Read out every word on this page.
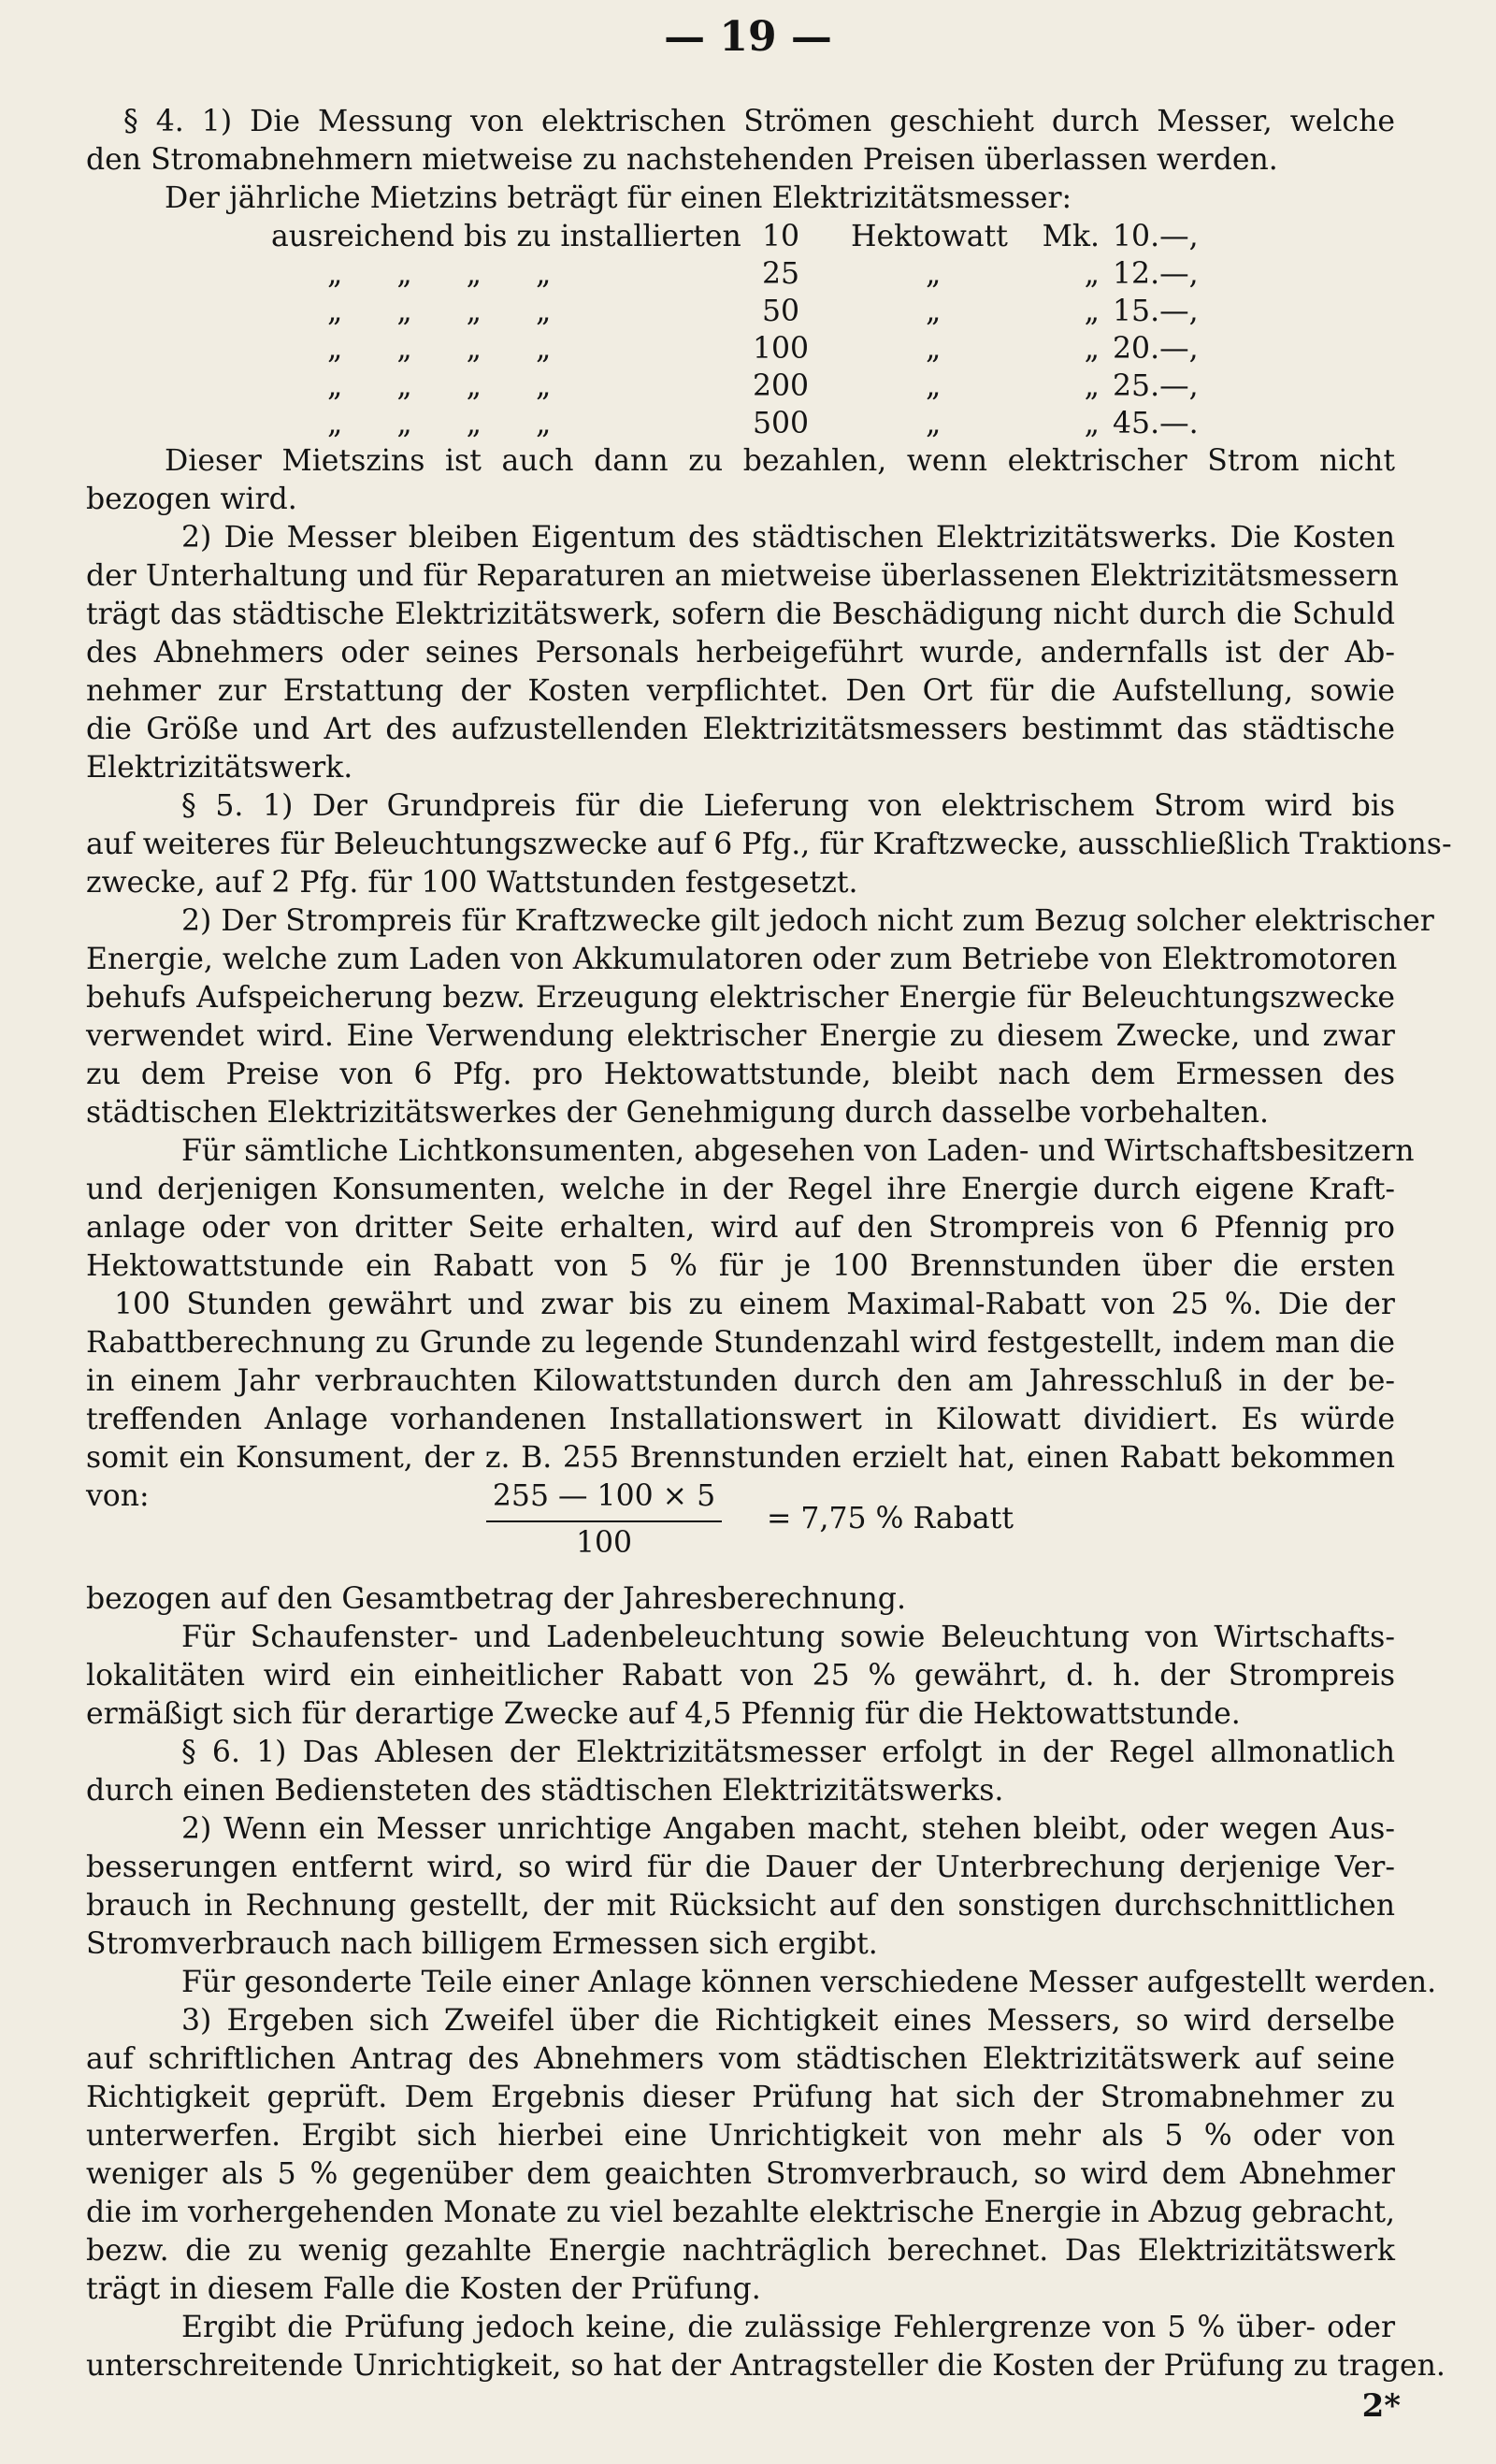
— 19 —
§ 4. 1) Die Messung von elektrischen Strömen geschieht durch Messer, welche
den Stromabnehmern mietweise zu nachstehenden Preisen überlassen werden.
Der jährliche Mietzins beträgt für einen Elektrizitätsmesser:
ausreichend bis zu installierten 10	Hektowatt	Mk. 10.—,
„ „ „ „	25	„	„ 12.—,
„ „ „ „	50	„	„ 15.—,
„ „ „ „	100	„	„ 20.—,
„ „ „ „	200	„	„ 25.—,
„ „ „ „	500	„	„ 45.—.
Dieser Mietszins ist auch dann zu bezahlen, wenn elektrischer Strom nicht
bezogen wird.
2) Die Messer bleiben Eigentum des städtischen Elektrizitätswerks. Die Kosten
der Unterhaltung und für Reparaturen an mietweise überlassenen Elektrizitätsmessern
trägt das städtische Elektrizitätswerk, sofern die Beschädigung nicht durch die Schuld
des Abnehmers oder seines Personals herbeigeführt wurde, andernfalls ist der Ab-
nehmer zur Erstattung der Kosten verpflichtet. Den Ort für die Aufstellung, sowie
die Größe und Art des aufzustellenden Elektrizitätsmessers bestimmt das städtische
Elektrizitätswerk.
§ 5. 1) Der Grundpreis für die Lieferung von elektrischem Strom wird bis
auf weiteres für Beleuchtungszwecke auf 6 Pfg., für Kraftzwecke, ausschließlich Traktions-
zwecke, auf 2 Pfg. für 100 Wattstunden festgesetzt.
2) Der Strompreis für Kraftzwecke gilt jedoch nicht zum Bezug solcher elektrischer
Energie, welche zum Laden von Akkumulatoren oder zum Betriebe von Elektromotoren
behufs Aufspeicherung bezw. Erzeugung elektrischer Energie für Beleuchtungszwecke
verwendet wird. Eine Verwendung elektrischer Energie zu diesem Zwecke, und zwar
zu dem Preise von 6 Pfg. pro Hektowattstunde, bleibt nach dem Ermessen des
städtischen Elektrizitätswerkes der Genehmigung durch dasselbe vorbehalten.
Für sämtliche Lichtkonsumenten, abgesehen von Laden- und Wirtschaftsbesitzern
und derjenigen Konsumenten, welche in der Regel ihre Energie durch eigene Kraft-
anlage oder von dritter Seite erhalten, wird auf den Strompreis von 6 Pfennig pro
Hektowattstunde ein Rabatt von 5 % für je 100 Brennstunden über die ersten
100 Stunden gewährt und zwar bis zu einem Maximal-Rabatt von 25 %. Die der
Rabattberechnung zu Grunde zu legende Stundenzahl wird festgestellt, indem man die
in einem Jahr verbrauchten Kilowattstunden durch den am Jahresschluß in der be-
treffenden Anlage vorhandenen Installationswert in Kilowatt dividiert. Es würde
somit ein Konsument, der z. B. 255 Brennstunden erzielt hat, einen Rabatt bekommen
von:	255 — 100 × 5
100
= 7,75 % Rabatt
bezogen auf den Gesamtbetrag der Jahresberechnung.
Für Schaufenster- und Ladenbeleuchtung sowie Beleuchtung von Wirtschafts-
lokalitäten wird ein einheitlicher Rabatt von 25 % gewährt, d. h. der Strompreis
ermäßigt sich für derartige Zwecke auf 4,5 Pfennig für die Hektowattstunde.
§ 6. 1) Das Ablesen der Elektrizitätsmesser erfolgt in der Regel allmonatlich
durch einen Bediensteten des städtischen Elektrizitätswerks.
2) Wenn ein Messer unrichtige Angaben macht, stehen bleibt, oder wegen Aus-
besserungen entfernt wird, so wird für die Dauer der Unterbrechung derjenige Ver-
brauch in Rechnung gestellt, der mit Rücksicht auf den sonstigen durchschnittlichen
Stromverbrauch nach billigem Ermessen sich ergibt.
Für gesonderte Teile einer Anlage können verschiedene Messer aufgestellt werden.
3) Ergeben sich Zweifel über die Richtigkeit eines Messers, so wird derselbe
auf schriftlichen Antrag des Abnehmers vom städtischen Elektrizitätswerk auf seine
Richtigkeit geprüft. Dem Ergebnis dieser Prüfung hat sich der Stromabnehmer zu
unterwerfen. Ergibt sich hierbei eine Unrichtigkeit von mehr als 5 % oder von
weniger als 5 % gegenüber dem geaichten Stromverbrauch, so wird dem Abnehmer
die im vorhergehenden Monate zu viel bezahlte elektrische Energie in Abzug gebracht,
bezw. die zu wenig gezahlte Energie nachträglich berechnet. Das Elektrizitätswerk
trägt in diesem Falle die Kosten der Prüfung.
Ergibt die Prüfung jedoch keine, die zulässige Fehlergrenze von 5 % über- oder
unterschreitende Unrichtigkeit, so hat der Antragsteller die Kosten der Prüfung zu tragen.
2*
